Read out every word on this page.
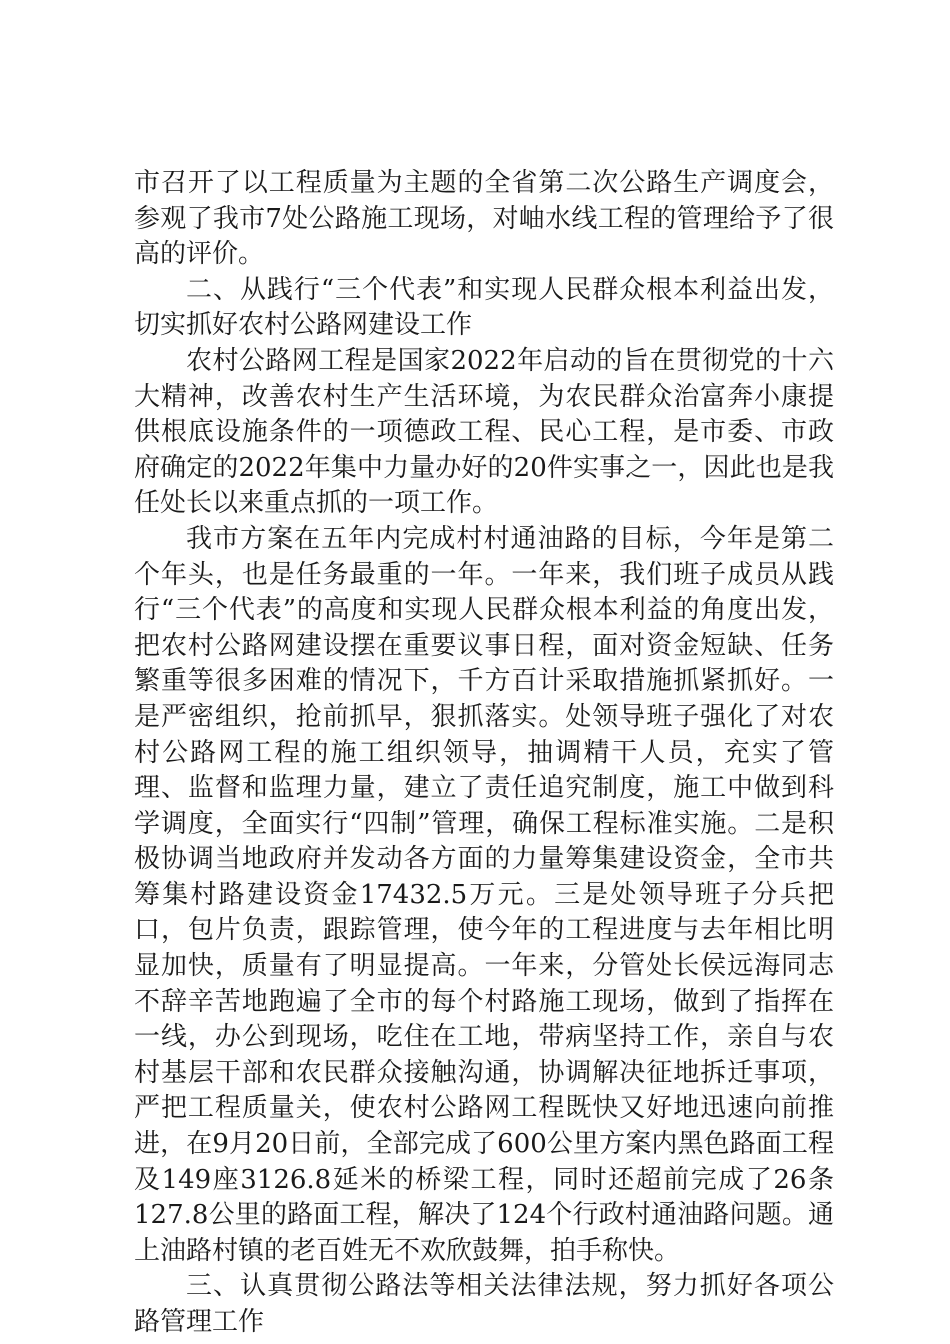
市召开了以工程质量为主题的全省第二次公路生产调度会，参观了我市7处公路施工现场，对岫水线工程的管理给予了很高的评价。

二、从践行“三个代表”和实现人民群众根本利益出发，切实抓好农村公路网建设工作

农村公路网工程是国家2022年启动的旨在贯彻党的十六大精神，改善农村生产生活环境，为农民群众治富奔小康提供根底设施条件的一项德政工程、民心工程，是市委、市政府确定的2022年集中力量办好的20件实事之一，因此也是我任处长以来重点抓的一项工作。

我市方案在五年内完成村村通油路的目标，今年是第二个年头，也是任务最重的一年。一年来，我们班子成员从践行“三个代表”的高度和实现人民群众根本利益的角度出发，把农村公路网建设摆在重要议事日程，面对资金短缺、任务繁重等很多困难的情况下，千方百计采取措施抓紧抓好。一是严密组织，抢前抓早，狠抓落实。处领导班子强化了对农村公路网工程的施工组织领导，抽调精干人员，充实了管理、监督和监理力量，建立了责任追究制度，施工中做到科学调度，全面实行“四制”管理，确保工程标准实施。二是积极协调当地政府并发动各方面的力量筹集建设资金，全市共筹集村路建设资金17432.5万元。三是处领导班子分兵把口，包片负责，跟踪管理，使今年的工程进度与去年相比明显加快，质量有了明显提高。一年来，分管处长侯远海同志不辞辛苦地跑遍了全市的每个村路施工现场，做到了指挥在一线，办公到现场，吃住在工地，带病坚持工作，亲自与农村基层干部和农民群众接触沟通，协调解决征地拆迁事项，严把工程质量关，使农村公路网工程既快又好地迅速向前推进，在9月20日前，全部完成了600公里方案内黑色路面工程及149座3126.8延米的桥梁工程，同时还超前完成了26条127.8公里的路面工程，解决了124个行政村通油路问题。通上油路村镇的老百姓无不欢欣鼓舞，拍手称快。

三、认真贯彻公路法等相关法律法规，努力抓好各项公路管理工作
